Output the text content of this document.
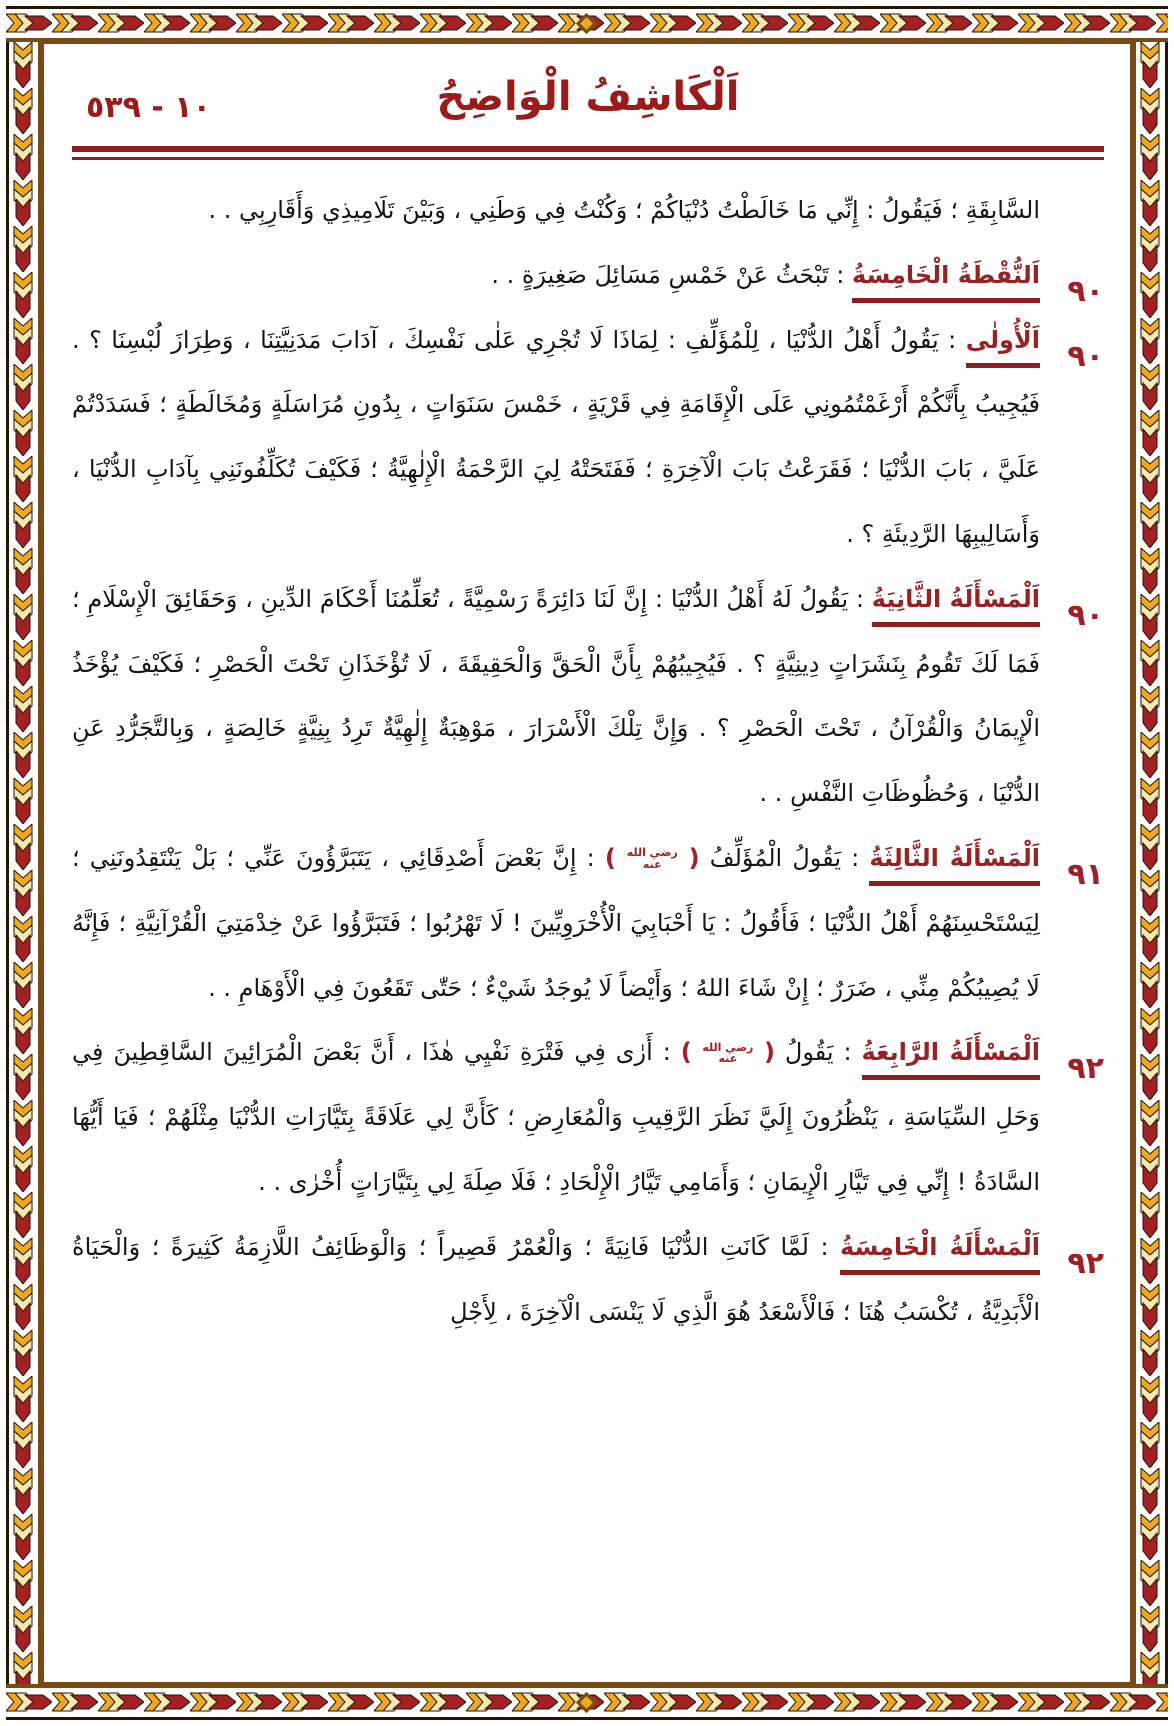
١٠ - ٥٣٩	اَلْكَاشِفُ الْوَاضِحُ

السَّابِقَةِ ؛ فَيَقُولُ : إِنِّي مَا خَالَطْتُ دُنْيَاكُمْ ؛ وَكُنْتُ فِي وَطَنِي ، وَبَيْنَ تَلَامِيذِي وَأَقَارِبِي . .

٩٠
اَلنُّقْطَةُ الْخَامِسَةُ : تَبْحَثُ عَنْ خَمْسِ مَسَائِلَ صَغِيرَةٍ . .

٩٠
اَلْأُولٰى : يَقُولُ أَهْلُ الدُّنْيَا ، لِلْمُؤَلِّفِ : لِمَاذَا لَا تُجْرِي عَلٰى نَفْسِكَ ، آدَابَ مَدَنِيَّتِنَا ، وَطِرَازَ لُبْسِنَا ؟ . فَيُجِيبُ بِأَنَّكُمْ أَرْغَمْتُمُونِي عَلَى الْإِقَامَةِ فِي قَرْيَةٍ ، خَمْسَ سَنَوَاتٍ ، بِدُونِ مُرَاسَلَةٍ وَمُخَالَطَةٍ ؛ فَسَدَدْتُمْ عَلَيَّ ، بَابَ الدُّنْيَا ؛ فَقَرَعْتُ بَابَ الْآخِرَةِ ؛ فَفَتَحَتْهُ لِيَ الرَّحْمَةُ الْإِلٰهِيَّةُ ؛ فَكَيْفَ تُكَلِّفُونَنِي بِآدَابِ الدُّنْيَا ، وَأَسَالِيبِهَا الرَّدِيئَةِ ؟ .

٩٠
اَلْمَسْأَلَةُ الثَّانِيَةُ : يَقُولُ لَهُ أَهْلُ الدُّنْيَا : إِنَّ لَنَا دَائِرَةً رَسْمِيَّةً ، تُعَلِّمُنَا أَحْكَامَ الدِّينِ ، وَحَقَائِقَ الْإِسْلَامِ ؛ فَمَا لَكَ تَقُومُ بِنَشَرَاتٍ دِينِيَّةٍ ؟ . فَيُجِيبُهُمْ بِأَنَّ الْحَقَّ وَالْحَقِيقَةَ ، لَا تُؤْخَذَانِ تَحْتَ الْحَصْرِ ؛ فَكَيْفَ يُؤْخَذُ الْإِيمَانُ وَالْقُرْآنُ ، تَحْتَ الْحَصْرِ ؟ . وَإِنَّ تِلْكَ الْأَسْرَارَ ، مَوْهِبَةٌ إِلٰهِيَّةٌ تَرِدُ بِنِيَّةٍ خَالِصَةٍ ، وَبِالتَّجَرُّدِ عَنِ الدُّنْيَا ، وَحُظُوظَاتِ النَّفْسِ . .

٩١
اَلْمَسْأَلَةُ الثَّالِثَةُ : يَقُولُ الْمُؤَلِّفُ ( رضي الله
عنه ) : إِنَّ بَعْضَ أَصْدِقَائِي ، يَتَبَرَّؤُونَ عَنِّي ؛ بَلْ يَنْتَقِدُونَنِي ؛ لِيَسْتَحْسِنَهُمْ أَهْلُ الدُّنْيَا ؛ فَأَقُولُ : يَا أَحْبَابِيَ الْأُخْرَوِيِّينَ ! لَا تَهْرُبُوا ؛ فَتَبَرَّؤُوا عَنْ خِدْمَتِيَ الْقُرْآنِيَّةِ ؛ فَإِنَّهُ لَا يُصِيبُكُمْ مِنِّي ، ضَرَرٌ ؛ إِنْ شَاءَ اللهُ ؛ وَأَيْضاً لَا يُوجَدُ شَيْءٌ ؛ حَتّٰى تَقَعُونَ فِي الْأَوْهَامِ . .

٩٢
اَلْمَسْأَلَةُ الرَّابِعَةُ : يَقُولُ ( رضي الله
عنه ) : أَرٰى فِي فَتْرَةِ نَفْيِي هٰذَا ، أَنَّ بَعْضَ الْمُرَائِينَ السَّاقِطِينَ فِي وَحَلِ السِّيَاسَةِ ، يَنْظُرُونَ إِلَيَّ نَظَرَ الرَّقِيبِ وَالْمُعَارِضِ ؛ كَأَنَّ لِي عَلَاقَةً بِتَيَّارَاتِ الدُّنْيَا مِثْلَهُمْ ؛ فَيَا أَيُّهَا السَّادَةُ ! إِنِّي فِي تَيَّارِ الْإِيمَانِ ؛ وَأَمَامِي تَيَّارُ الْإِلْحَادِ ؛ فَلَا صِلَةَ لِي بِتَيَّارَاتٍ أُخْرٰى . .

٩٢
اَلْمَسْأَلَةُ الْخَامِسَةُ : لَمَّا كَانَتِ الدُّنْيَا فَانِيَةً ؛ وَالْعُمْرُ قَصِيراً ؛ وَالْوَظَائِفُ اللَّازِمَةُ كَثِيرَةً ؛ وَالْحَيَاةُ الْأَبَدِيَّةُ ، تُكْسَبُ هُنَا ؛ فَالْأَسْعَدُ هُوَ الَّذِي لَا يَنْسَى الْآخِرَةَ ، لِأَجْلِ
